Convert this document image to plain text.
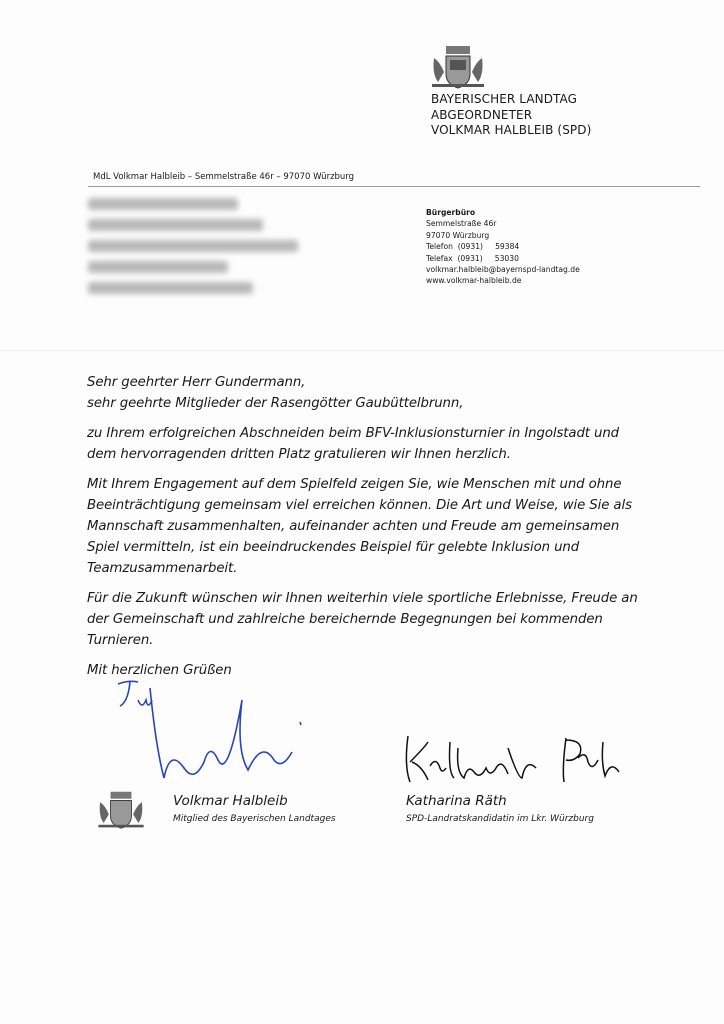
BAYERISCHER LANDTAG
ABGEORDNETER
VOLKMAR HALBLEIB (SPD)
MdL Volkmar Halbleib – Semmelstraße 46r – 97070 Würzburg
Bürgerbüro
Semmelstraße 46r
97070 Würzburg
Telefon  (0931)     59384
Telefax  (0931)     53030
volkmar.halbleib@bayernspd-landtag.de
www.volkmar-halbleib.de

Sehr geehrter Herr Gundermann,
sehr geehrte Mitglieder der Rasengötter Gaubüttelbrunn,

zu Ihrem erfolgreichen Abschneiden beim BFV-Inklusionsturnier in Ingolstadt und dem hervorragenden dritten Platz gratulieren wir Ihnen herzlich.

Mit Ihrem Engagement auf dem Spielfeld zeigen Sie, wie Menschen mit und ohne Beeinträchtigung gemeinsam viel erreichen können. Die Art und Weise, wie Sie als Mannschaft zusammenhalten, aufeinander achten und Freude am gemeinsamen Spiel vermitteln, ist ein beeindruckendes Beispiel für gelebte Inklusion und Teamzusammenarbeit.

Für die Zukunft wünschen wir Ihnen weiterhin viele sportliche Erlebnisse, Freude an der Gemeinschaft und zahlreiche bereichernde Begegnungen bei kommenden Turnieren.

Mit herzlichen Grüßen

Volkmar Halbleib
Mitglied des Bayerischen Landtages
Katharina Räth
SPD-Landratskandidatin im Lkr. Würzburg
